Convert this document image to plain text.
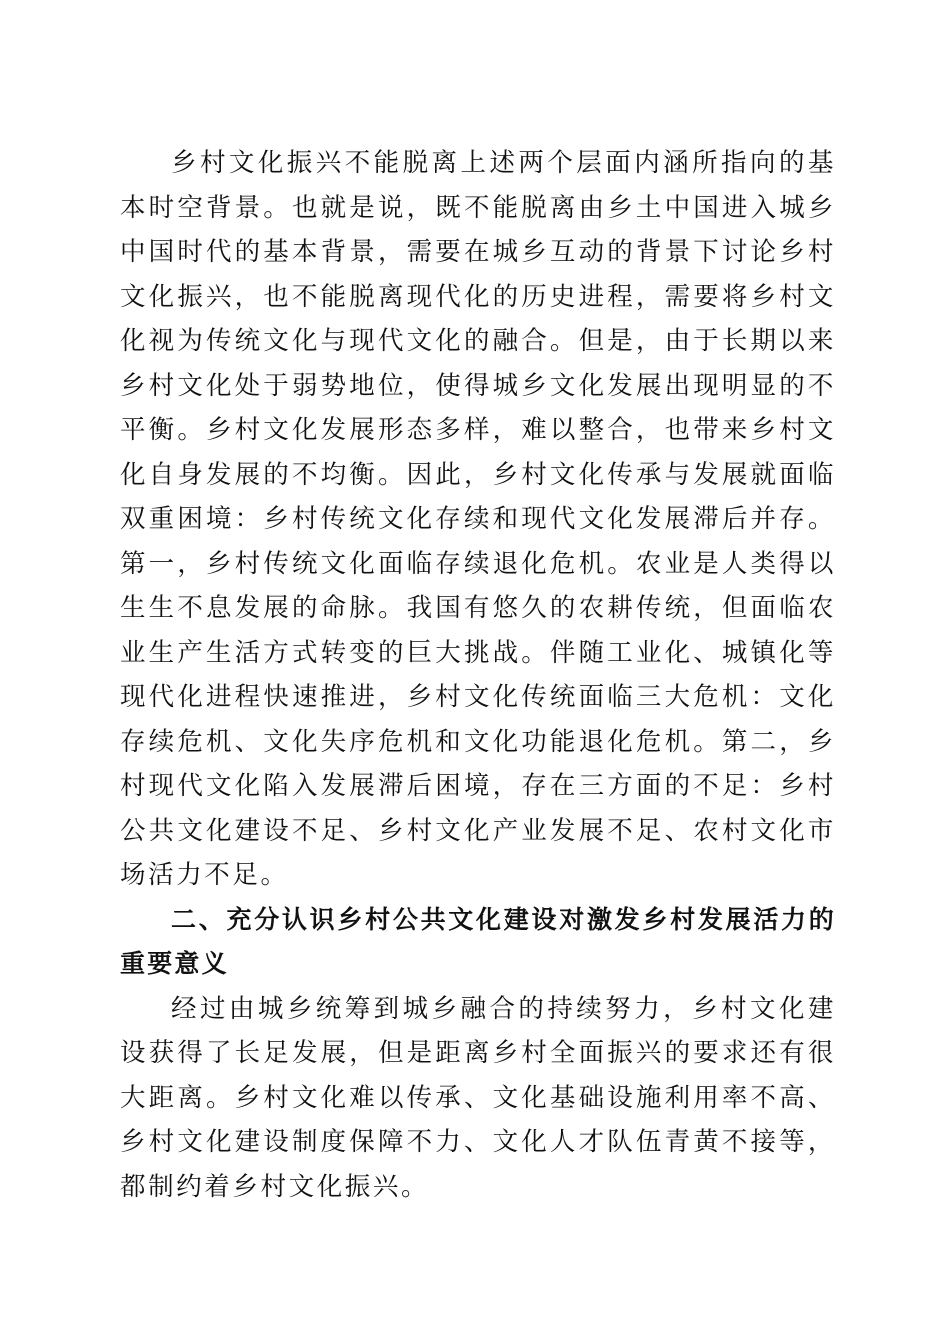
乡村文化振兴不能脱离上述两个层面内涵所指向的基本时空背景。也就是说，既不能脱离由乡土中国进入城乡中国时代的基本背景，需要在城乡互动的背景下讨论乡村文化振兴，也不能脱离现代化的历史进程，需要将乡村文化视为传统文化与现代文化的融合。但是，由于长期以来乡村文化处于弱势地位，使得城乡文化发展出现明显的不平衡。乡村文化发展形态多样，难以整合，也带来乡村文化自身发展的不均衡。因此，乡村文化传承与发展就面临双重困境：乡村传统文化存续和现代文化发展滞后并存。第一，乡村传统文化面临存续退化危机。农业是人类得以生生不息发展的命脉。我国有悠久的农耕传统，但面临农业生产生活方式转变的巨大挑战。伴随工业化、城镇化等现代化进程快速推进，乡村文化传统面临三大危机：文化存续危机、文化失序危机和文化功能退化危机。第二，乡村现代文化陷入发展滞后困境，存在三方面的不足：乡村公共文化建设不足、乡村文化产业发展不足、农村文化市场活力不足。

二、充分认识乡村公共文化建设对激发乡村发展活力的重要意义

经过由城乡统筹到城乡融合的持续努力，乡村文化建设获得了长足发展，但是距离乡村全面振兴的要求还有很大距离。乡村文化难以传承、文化基础设施利用率不高、乡村文化建设制度保障不力、文化人才队伍青黄不接等，都制约着乡村文化振兴。
